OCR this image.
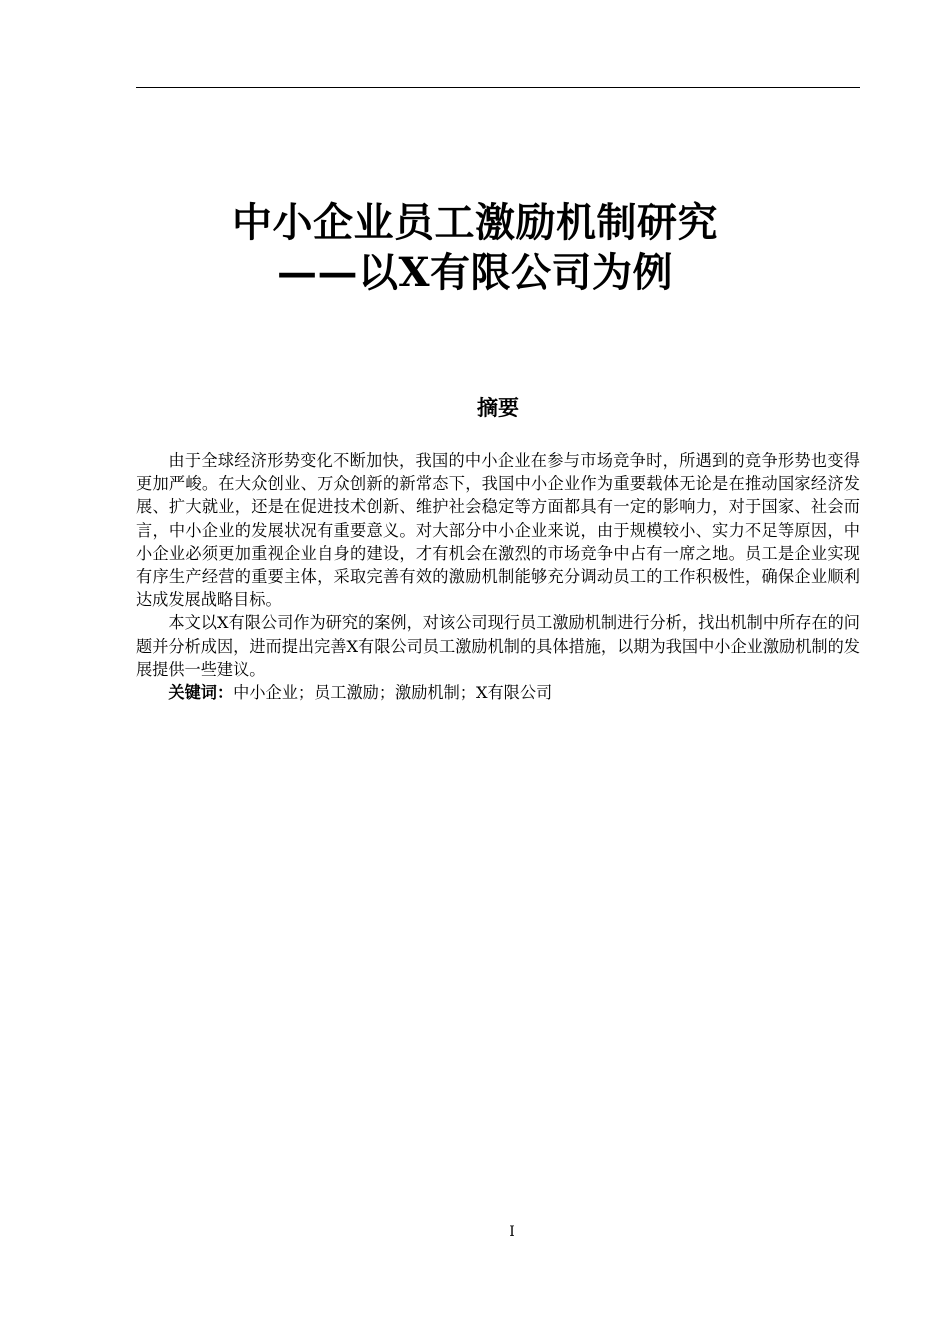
中小企业员工激励机制研究
——以X有限公司为例
摘要

由于全球经济形势变化不断加快，我国的中小企业在参与市场竞争时，所遇到的竞争形势也变得更加严峻。在大众创业、万众创新的新常态下，我国中小企业作为重要载体无论是在推动国家经济发展、扩大就业，还是在促进技术创新、维护社会稳定等方面都具有一定的影响力，对于国家、社会而言，中小企业的发展状况有重要意义。对大部分中小企业来说，由于规模较小、实力不足等原因，中小企业必须更加重视企业自身的建设，才有机会在激烈的市场竞争中占有一席之地。员工是企业实现有序生产经营的重要主体，采取完善有效的激励机制能够充分调动员工的工作积极性，确保企业顺利达成发展战略目标。

本文以X有限公司作为研究的案例，对该公司现行员工激励机制进行分析，找出机制中所存在的问题并分析成因，进而提出完善X有限公司员工激励机制的具体措施，以期为我国中小企业激励机制的发展提供一些建议。

关键词：中小企业；员工激励；激励机制；X有限公司

I
